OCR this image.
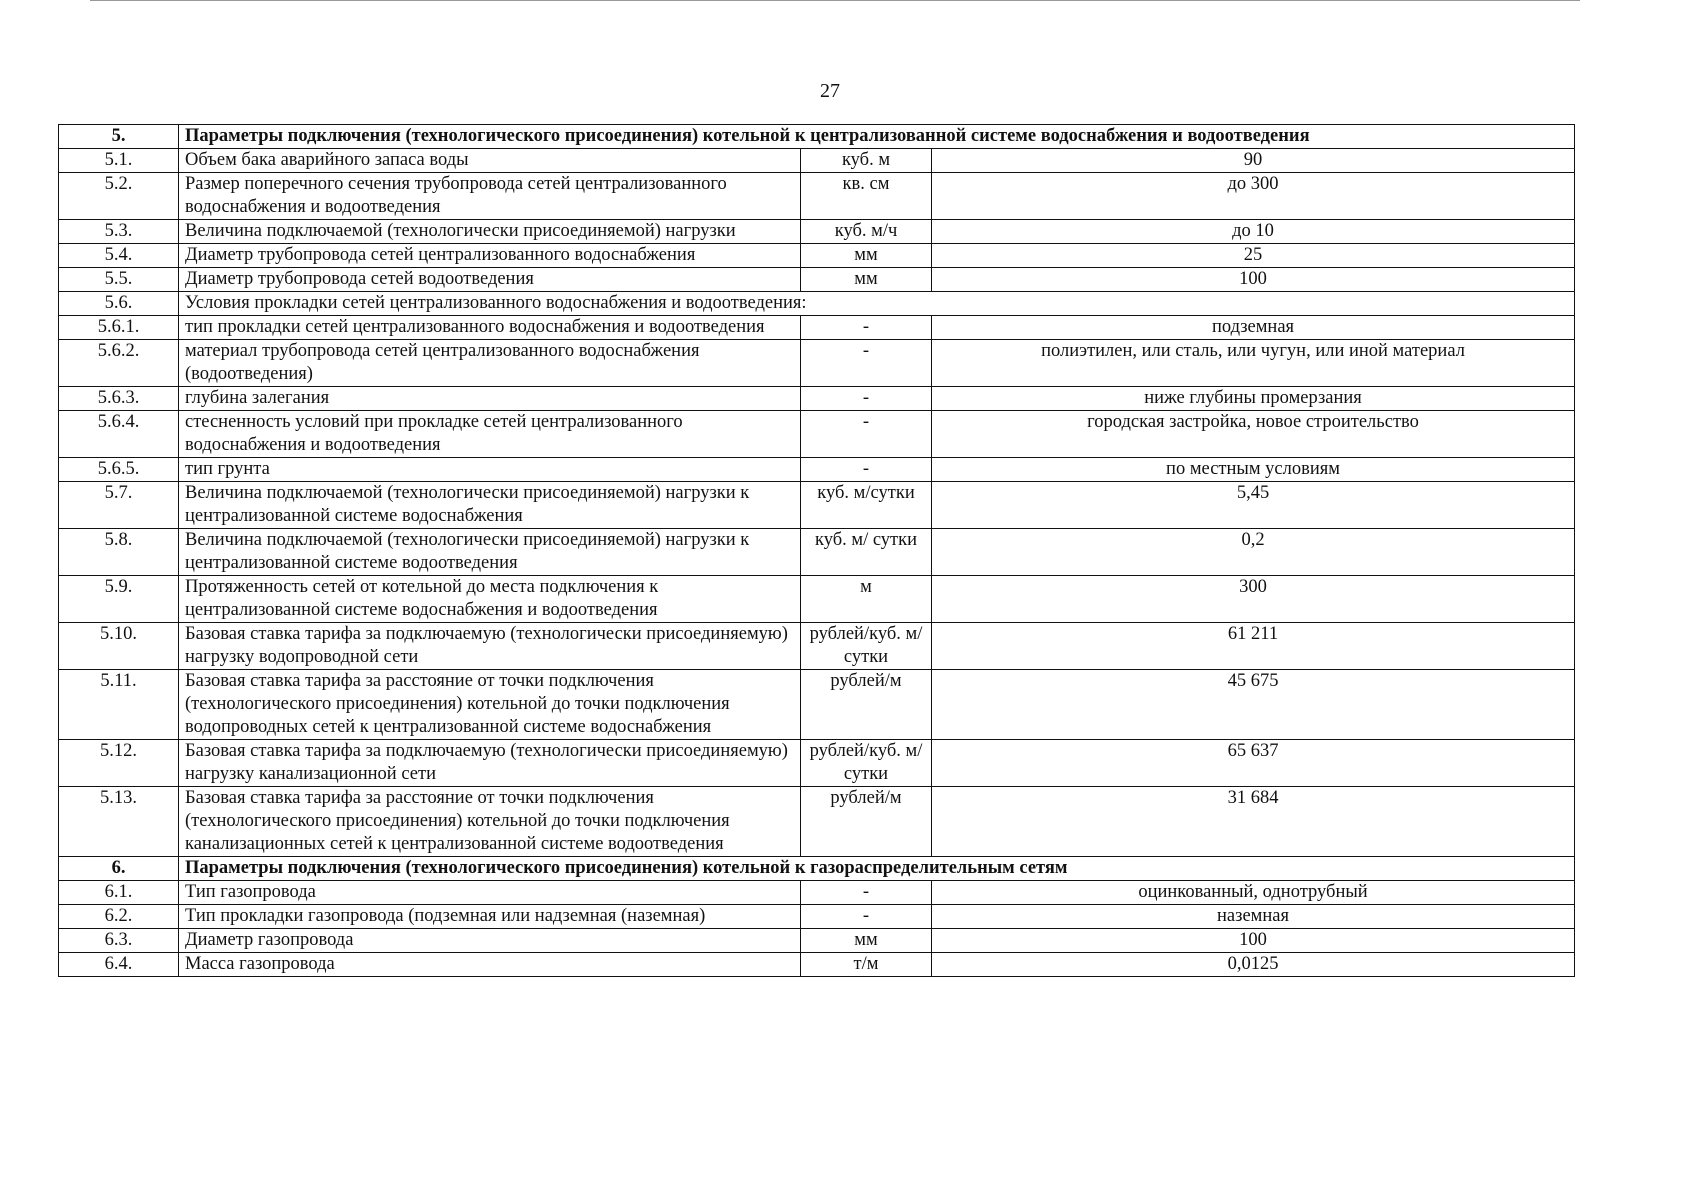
27
5.	Параметры подключения (технологического присоединения) котельной к централизованной системе водоснабжения и водоотведения		
5.1.	Объем бака аварийного запаса воды	куб. м	90
5.2.	Размер поперечного сечения трубопровода сетей централизованного водоснабжения и водоотведения	кв. см	до 300
5.3.	Величина подключаемой (технологически присоединяемой) нагрузки	куб. м/ч	до 10
5.4.	Диаметр трубопровода сетей централизованного водоснабжения	мм	25
5.5.	Диаметр трубопровода сетей водоотведения	мм	100
5.6.	Условия прокладки сетей централизованного водоснабжения и водоотведения:		
5.6.1.	тип прокладки сетей централизованного водоснабжения и водоотведения	-	подземная
5.6.2.	материал трубопровода сетей централизованного водоснабжения (водоотведения)	-	полиэтилен, или сталь, или чугун, или иной материал
5.6.3.	глубина залегания	-	ниже глубины промерзания
5.6.4.	стесненность условий при прокладке сетей централизованного водоснабжения и водоотведения	-	городская застройка, новое строительство
5.6.5.	тип грунта	-	по местным условиям
5.7.	Величина подключаемой (технологически присоединяемой) нагрузки к централизованной системе водоснабжения	куб. м/сутки	5,45
5.8.	Величина подключаемой (технологически присоединяемой) нагрузки к централизованной системе водоотведения	куб. м/ сутки	0,2
5.9.	Протяженность сетей от котельной до места подключения к централизованной системе водоснабжения и водоотведения	м	300
5.10.	Базовая ставка тарифа за подключаемую (технологически присоединяемую) нагрузку водопроводной сети	рублей/куб. м/сутки	61 211
5.11.	Базовая ставка тарифа за расстояние от точки подключения (технологического присоединения) котельной до точки подключения водопроводных сетей к централизованной системе водоснабжения	рублей/м	45 675
5.12.	Базовая ставка тарифа за подключаемую (технологически присоединяемую) нагрузку канализационной сети	рублей/куб. м/сутки	65 637
5.13.	Базовая ставка тарифа за расстояние от точки подключения (технологического присоединения) котельной до точки подключения канализационных сетей к централизованной системе водоотведения	рублей/м	31 684
6.	Параметры подключения (технологического присоединения) котельной к газораспределительным сетям		
6.1.	Тип газопровода	-	оцинкованный, однотрубный
6.2.	Тип прокладки газопровода (подземная или надземная (наземная)	-	наземная
6.3.	Диаметр газопровода	мм	100
6.4.	Масса газопровода	т/м	0,0125
